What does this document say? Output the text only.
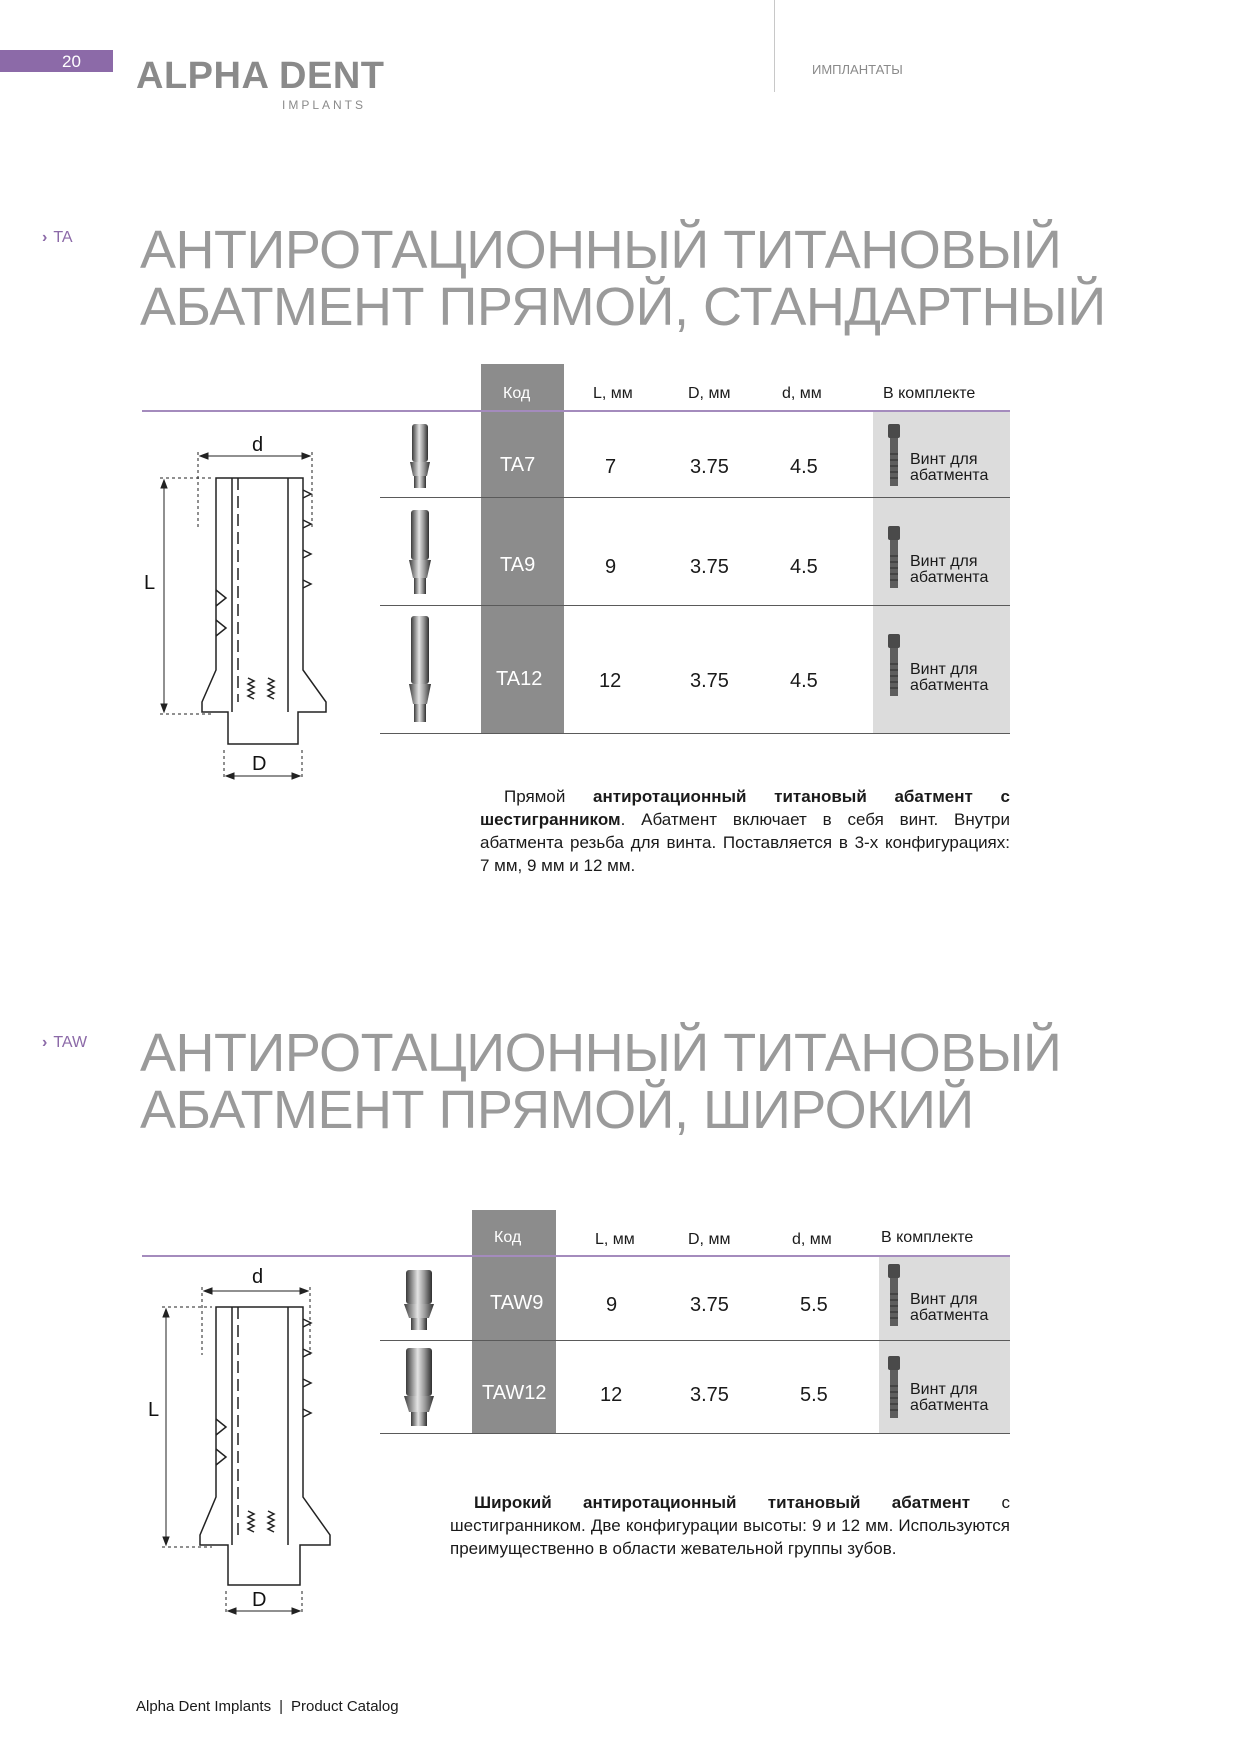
20 ALPHA DENT
IMPLANTS
ИМПЛАНТАТЫ
› TA АНТИРОТАЦИОННЫЙ ТИТАНОВЫЙ
АБАТМЕНТ ПРЯМОЙ, СТАНДАРТНЫЙ
Код	L, мм	D, мм	d, мм	В комплекте
TA7	7	3.75	4.5	Винт для
абатмента
TA9	9	3.75	4.5	Винт для
абатмента
TA12	12	3.75	4.5
Винт для
абатмента
d
L
D
Прямой антиротационный титановый абатмент с шестигранником. Абатмент включает в себя винт. Внутри абатмента резьба для винта. Поставляется в 3-х конфигурациях: 7 мм, 9 мм и 12 мм.
› TAW АНТИРОТАЦИОННЫЙ ТИТАНОВЫЙ
АБАТМЕНТ ПРЯМОЙ, ШИРОКИЙ
Код	L, мм	D, мм	d, мм	В комплекте
TAW9	9	3.75	5.5	Винт для
абатмента
TAW12	12	3.75	5.5	Винт для
абатмента
d
L
D
Широкий антиротационный титановый абатмент с шестигранником. Две конфигурации высоты: 9 и 12 мм. Используются преимущественно в области жевательной группы зубов.
Alpha Dent Implants | Product Catalog
